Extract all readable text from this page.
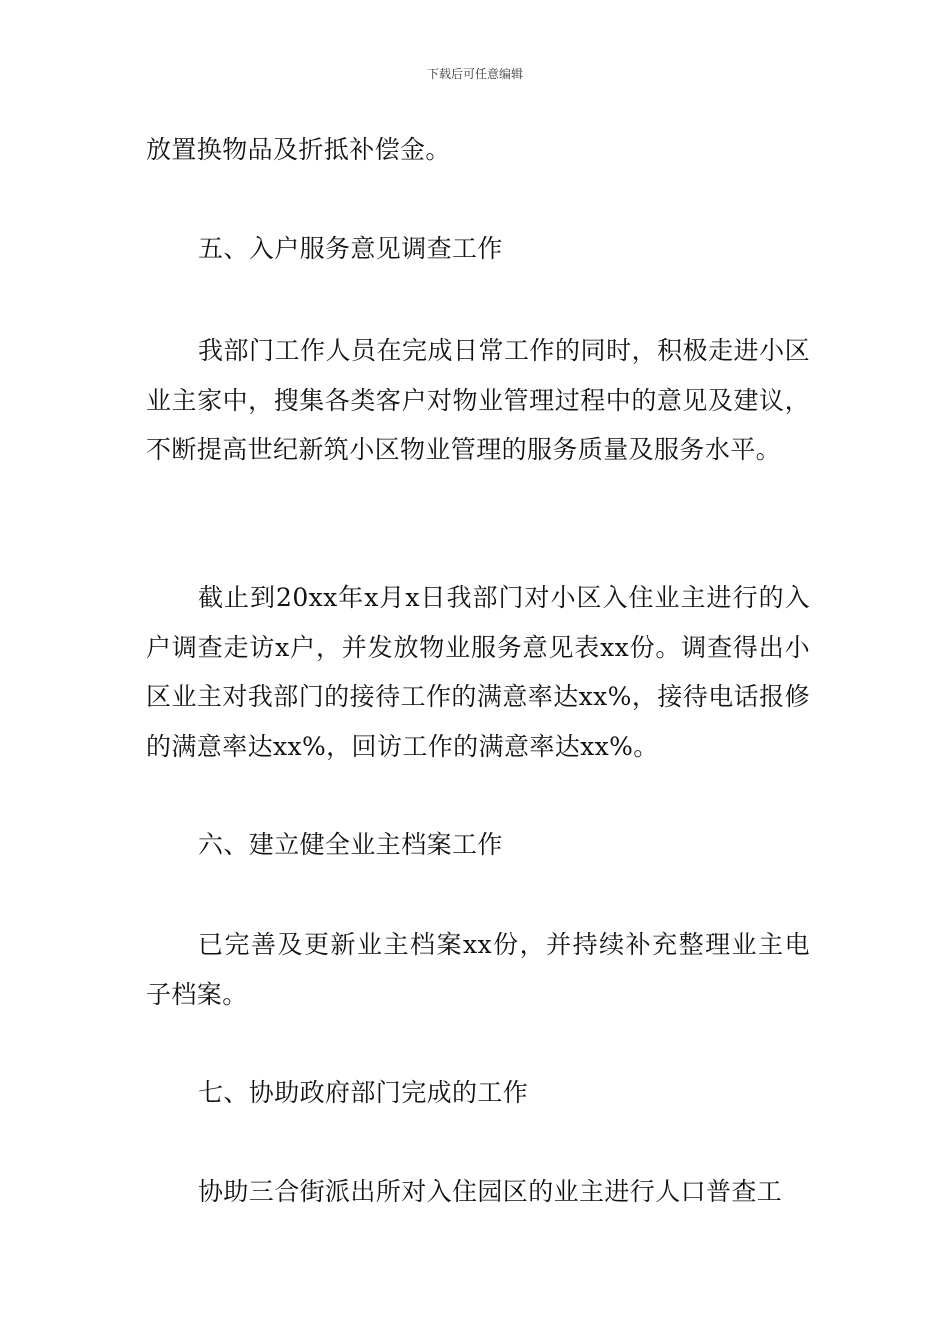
下载后可任意编辑
放置换物品及折抵补偿金。
五、入户服务意见调查工作
我部门工作人员在完成日常工作的同时，积极走进小区业主家中，搜集各类客户对物业管理过程中的意见及建议，不断提高世纪新筑小区物业管理的服务质量及服务水平。
截止到20xx年x月x日我部门对小区入住业主进行的入户调查走访x户，并发放物业服务意见表xx份。调查得出小区业主对我部门的接待工作的满意率达xx%，接待电话报修的满意率达xx%，回访工作的满意率达xx%。
六、建立健全业主档案工作
已完善及更新业主档案xx份，并持续补充整理业主电子档案。
七、协助政府部门完成的工作
协助三合街派出所对入住园区的业主进行人口普查工
